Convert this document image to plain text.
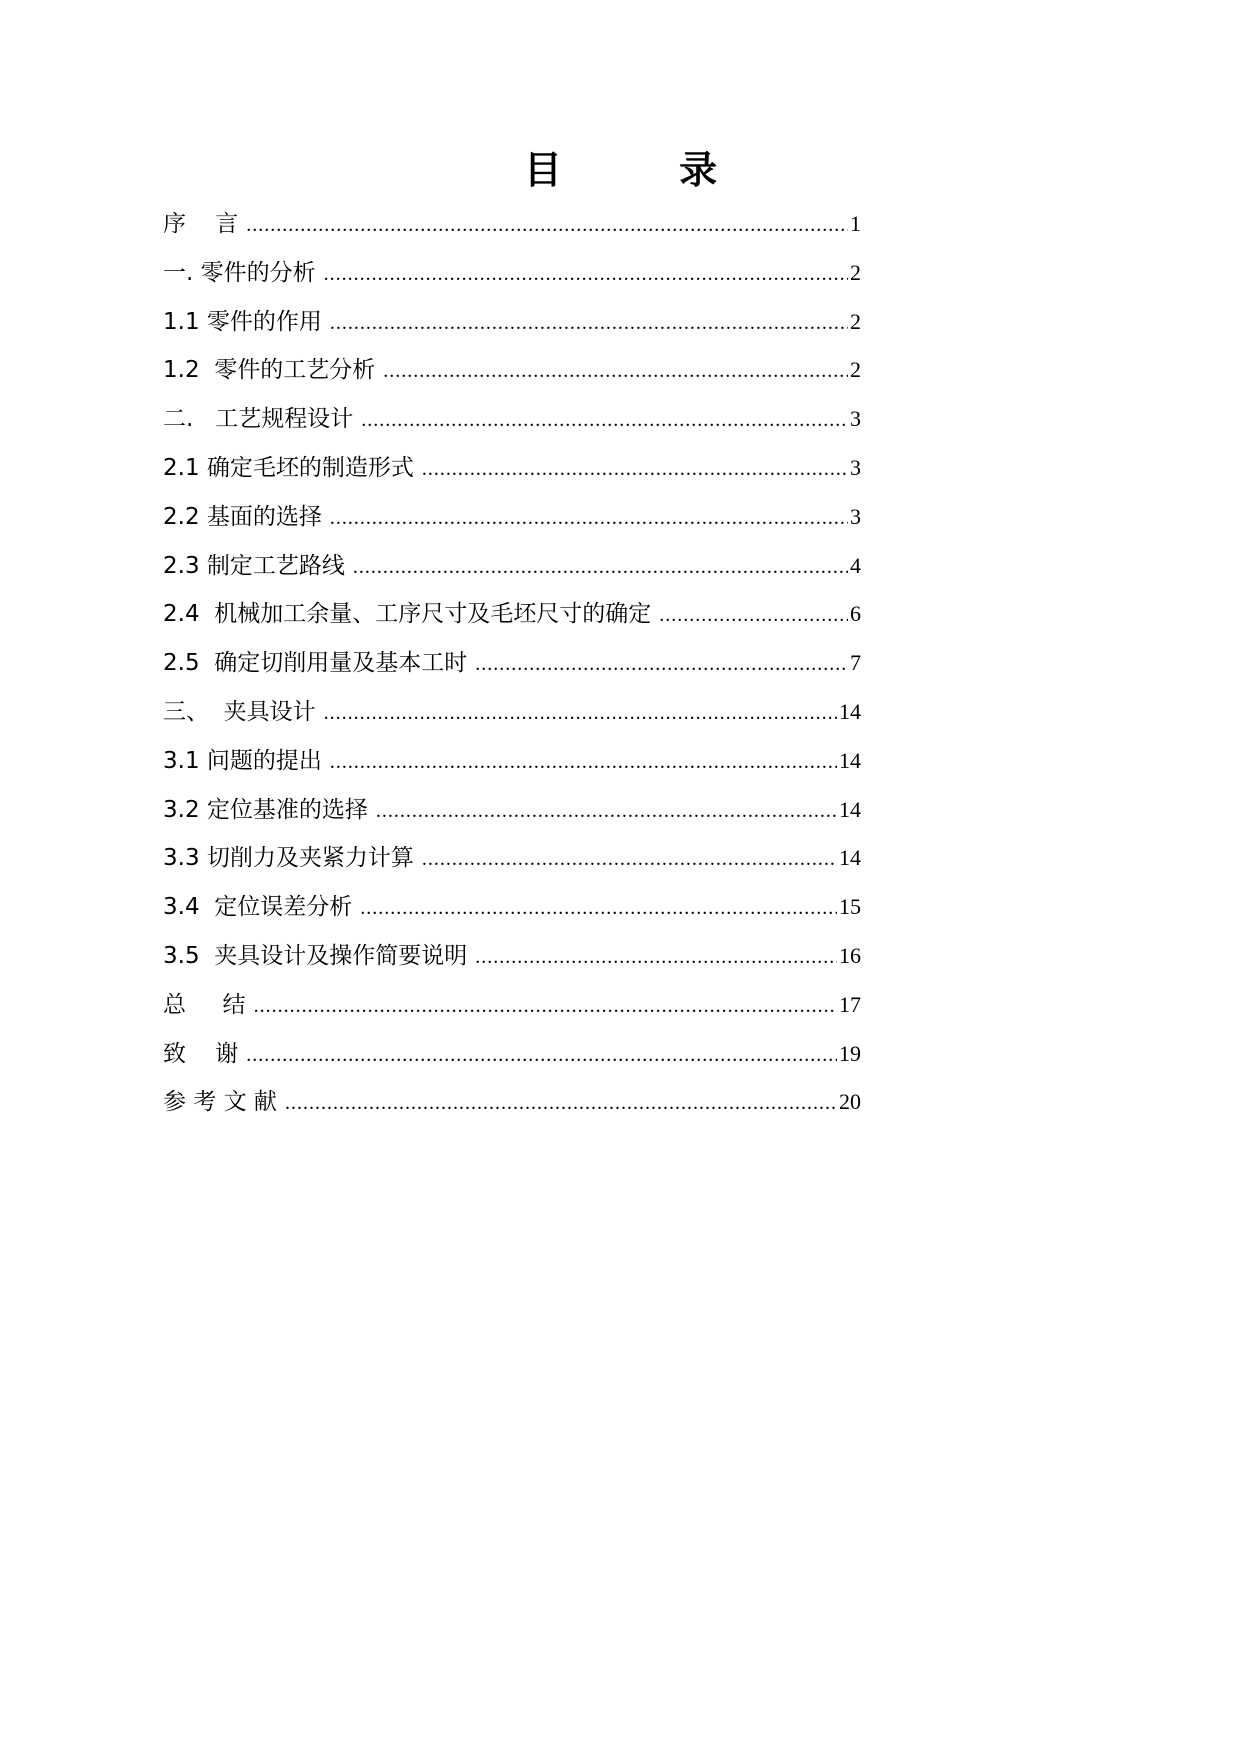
目 录
序    言 .....	1
一. 零件的分析 .....	2
1.1 零件的作用 .....	2
1.2  零件的工艺分析 .....	2
二.   工艺规程设计 .....	3
2.1 确定毛坯的制造形式 .....	3
2.2 基面的选择 .....	3
2.3 制定工艺路线 .....	4
2.4  机械加工余量、工序尺寸及毛坯尺寸的确定 .....	6
2.5  确定切削用量及基本工时 .....	7
三、  夹具设计 .....	14
3.1 问题的提出 .....	14
3.2 定位基准的选择 .....	14
3.3 切削力及夹紧力计算 .....	14
3.4  定位误差分析 .....	15
3.5  夹具设计及操作简要说明 .....	16
总     结 .....	17
致    谢 .....	19
参 考 文 献 .....	20
